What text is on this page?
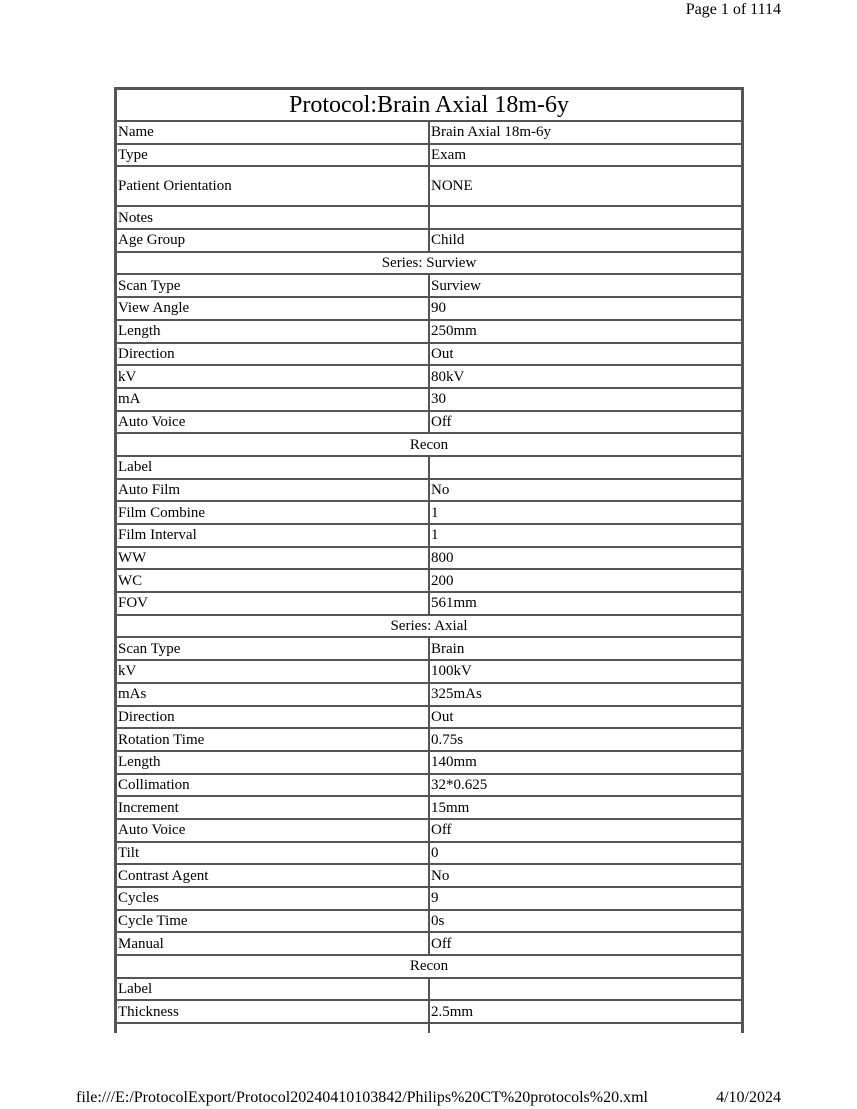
Page 1 of 1114
Protocol:Brain Axial 18m-6y	
Name	Brain Axial 18m-6y
Type	Exam
Patient Orientation	NONE
Notes	
Age Group	Child
Series: Surview	
Scan Type	Surview
View Angle	90
Length	250mm
Direction	Out
kV	80kV
mA	30
Auto Voice	Off
Recon	
Label	
Auto Film	No
Film Combine	1
Film Interval	1
WW	800
WC	200
FOV	561mm
Series: Axial	
Scan Type	Brain
kV	100kV
mAs	325mAs
Direction	Out
Rotation Time	0.75s
Length	140mm
Collimation	32*0.625
Increment	15mm
Auto Voice	Off
Tilt	0
Contrast Agent	No
Cycles	9
Cycle Time	0s
Manual	Off
Recon	
Label	
Thickness	2.5mm

file:///E:/ProtocolExport/Protocol20240410103842/Philips%20CT%20protocols%20.xml	4/10/2024
